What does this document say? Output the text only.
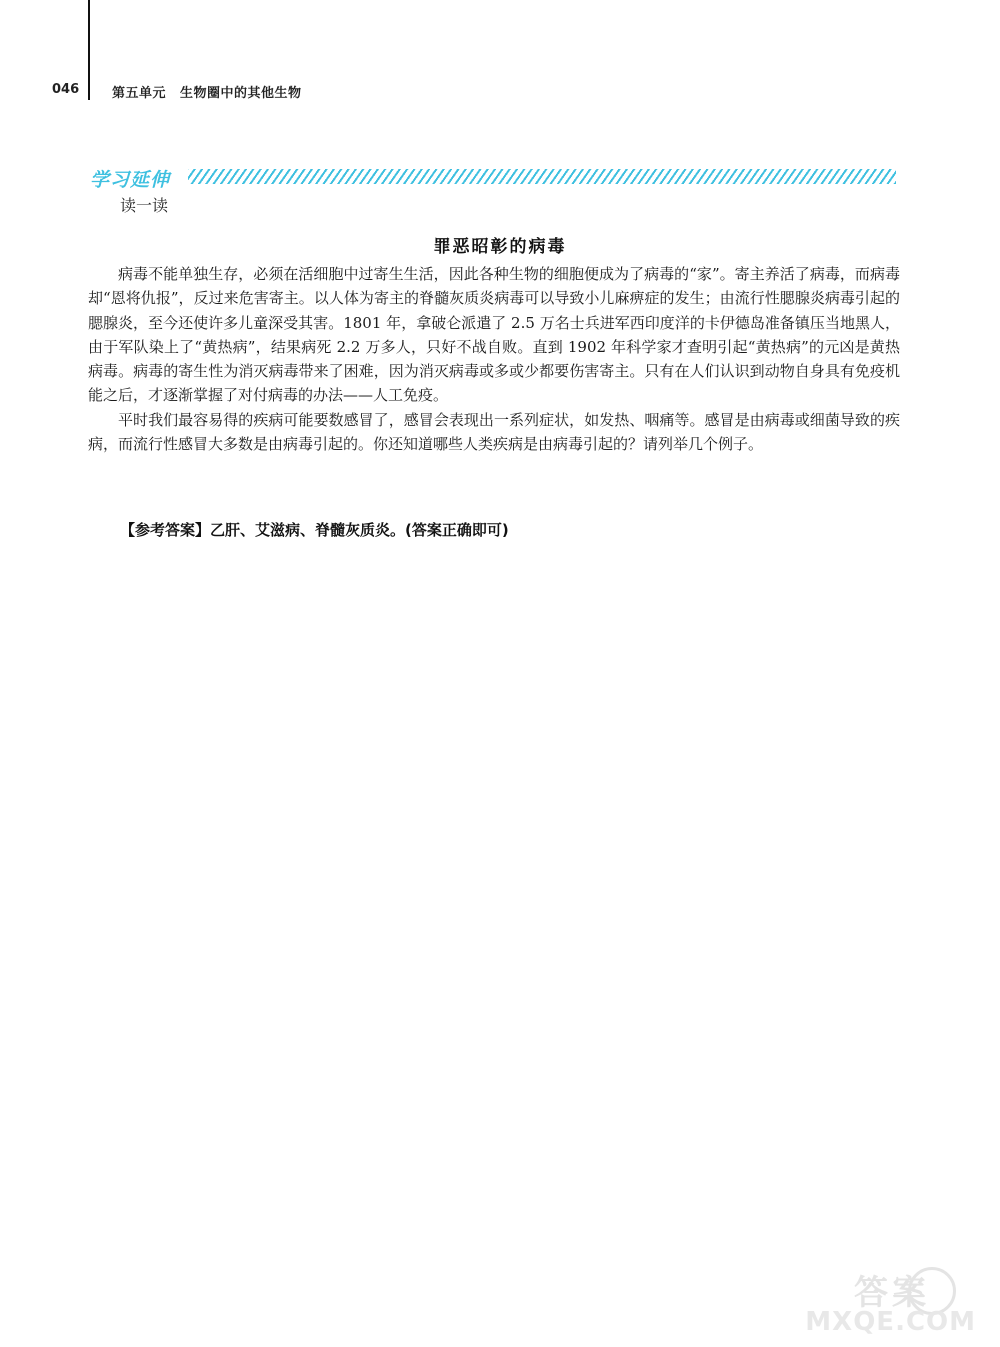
046	第五单元 生物圈中的其他生物
学习延伸
读一读
罪恶昭彰的病毒

病毒不能单独生存，必须在活细胞中过寄生生活，因此各种生物的细胞便成为了病毒的“家”。寄主养活了病毒，而病毒却“恩将仇报”，反过来危害寄主。以人体为寄主的脊髓灰质炎病毒可以导致小儿麻痹症的发生；由流行性腮腺炎病毒引起的腮腺炎，至今还使许多儿童深受其害。1801 年，拿破仑派遣了 2.5 万名士兵进军西印度洋的卡伊德岛准备镇压当地黑人，由于军队染上了“黄热病”，结果病死 2.2 万多人，只好不战自败。直到 1902 年科学家才查明引起“黄热病”的元凶是黄热病毒。病毒的寄生性为消灭病毒带来了困难，因为消灭病毒或多或少都要伤害寄主。只有在人们认识到动物自身具有免疫机能之后，才逐渐掌握了对付病毒的办法——人工免疫。

平时我们最容易得的疾病可能要数感冒了，感冒会表现出一系列症状，如发热、咽痛等。感冒是由病毒或细菌导致的疾病，而流行性感冒大多数是由病毒引起的。你还知道哪些人类疾病是由病毒引起的？请列举几个例子。

【参考答案】乙肝、艾滋病、脊髓灰质炎。(答案正确即可)
答案
MXQE.COM
